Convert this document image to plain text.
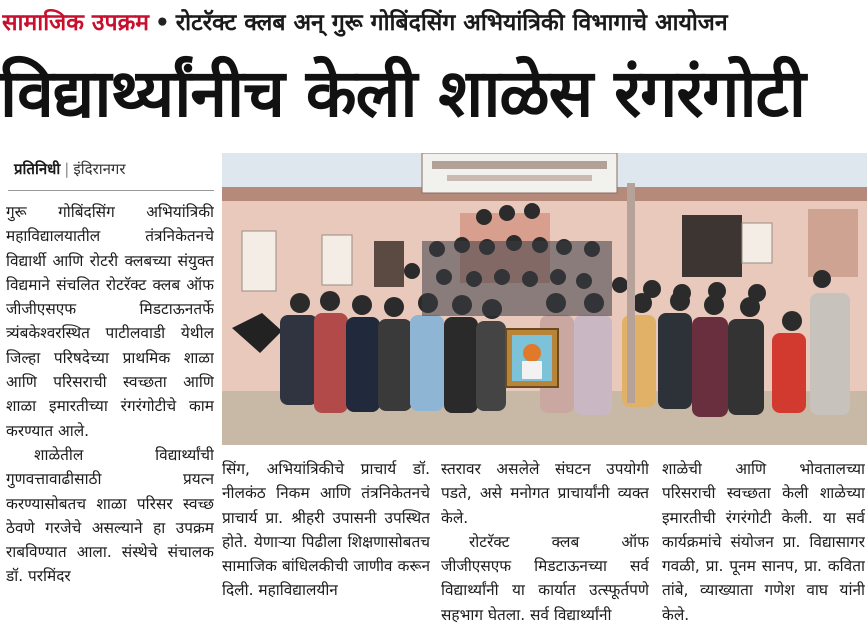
सामाजिक उपक्रम • रोटरॅक्ट क्लब अन् गुरू गोबिंदसिंग अभियांत्रिकी विभागाचे आयोजन
विद्यार्थ्यांनीच केली शाळेस रंगरंगोटी
प्रतिनिधी | इंदिरानगर

गुरू गोबिंदसिंग अभियांत्रिकी महाविद्यालयातील तंत्रनिकेतनचे विद्यार्थी आणि रोटरी क्लबच्या संयुक्त विद्यमाने संचलित रोटरॅक्ट क्लब ऑफ जीजीएसएफ मिडटाऊनतर्फे त्र्यंबकेश्वरस्थित पाटीलवाडी येथील जिल्हा परिषदेच्या प्राथमिक शाळा आणि परिसराची स्वच्छता आणि शाळा इमारतीच्या रंगरंगोटीचे काम करण्यात आले.

शाळेतील विद्यार्थ्यांची गुणवत्तावाढीसाठी प्रयत्न करण्यासोबतच शाळा परिसर स्वच्छ ठेवणे गरजेचे असल्याने हा उपक्रम राबविण्यात आला. संस्थेचे संचालक डॉ. परमिंदर

सिंग, अभियांत्रिकीचे प्राचार्य डॉ. नीलकंठ निकम आणि तंत्रनिकेतनचे प्राचार्य प्रा. श्रीहरी उपासनी उपस्थित होते. येणाऱ्या पिढीला शिक्षणासोबतच सामाजिक बांधिलकीची जाणीव करून दिली. महाविद्यालयीन

स्तरावर असलेले संघटन उपयोगी पडते, असे मनोगत प्राचार्यांनी व्यक्त केले.

रोटरॅक्ट क्लब ऑफ जीजीएसएफ मिडटाऊनच्या सर्व विद्यार्थ्यांनी या कार्यात उत्स्फूर्तपणे सहभाग घेतला. सर्व विद्यार्थ्यांनी

शाळेची आणि भोवतालच्या परिसराची स्वच्छता केली शाळेच्या इमारतीची रंगरंगोटी केली. या सर्व कार्यक्रमांचे संयोजन प्रा. विद्यासागर गवळी, प्रा. पूनम सानप, प्रा. कविता तांबे, व्याख्याता गणेश वाघ यांनी केले.
